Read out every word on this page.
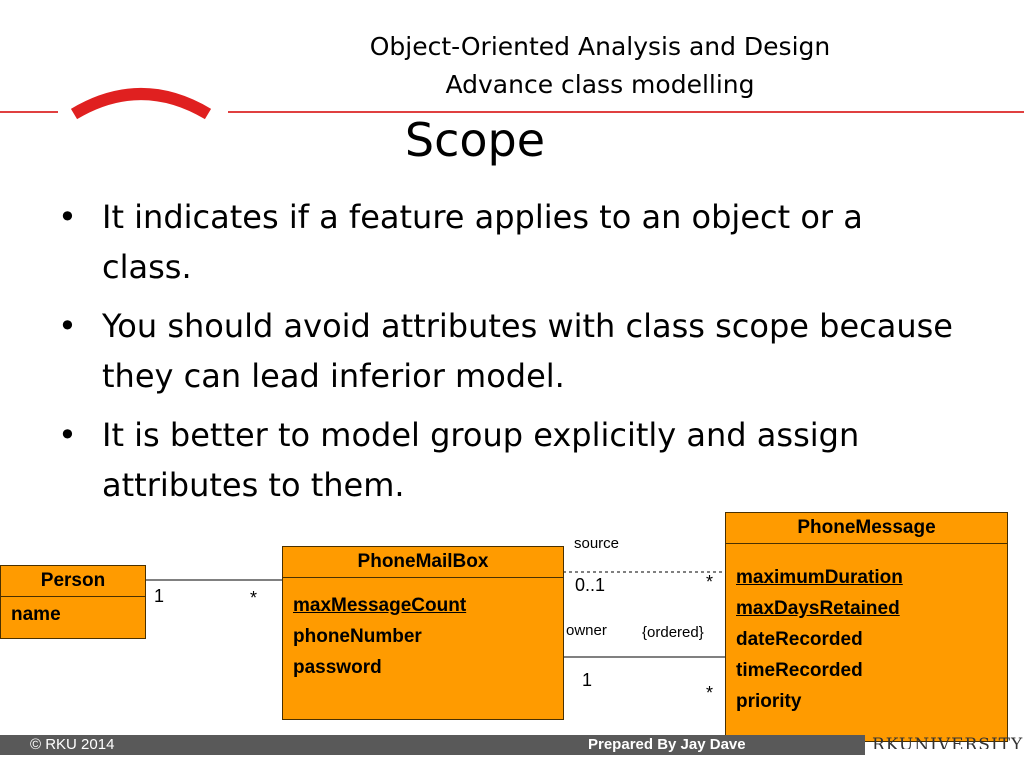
Object-Oriented Analysis and Design
Advance class modelling
Scope
• It indicates if a feature applies to an object or a class.
• You should avoid attributes with class scope because they can lead inferior model.
• It is better to model group explicitly and assign attributes to them.
Person
name
PhoneMailBox
maxMessageCount
phoneNumber
password
PhoneMessage
maximumDuration
maxDaysRetained
dateRecorded
timeRecorded
priority
1	*
source
0..1	*
owner {ordered}
1
*
© RKU 2014	Prepared By Jay Dave	RKUNIVERSITY
